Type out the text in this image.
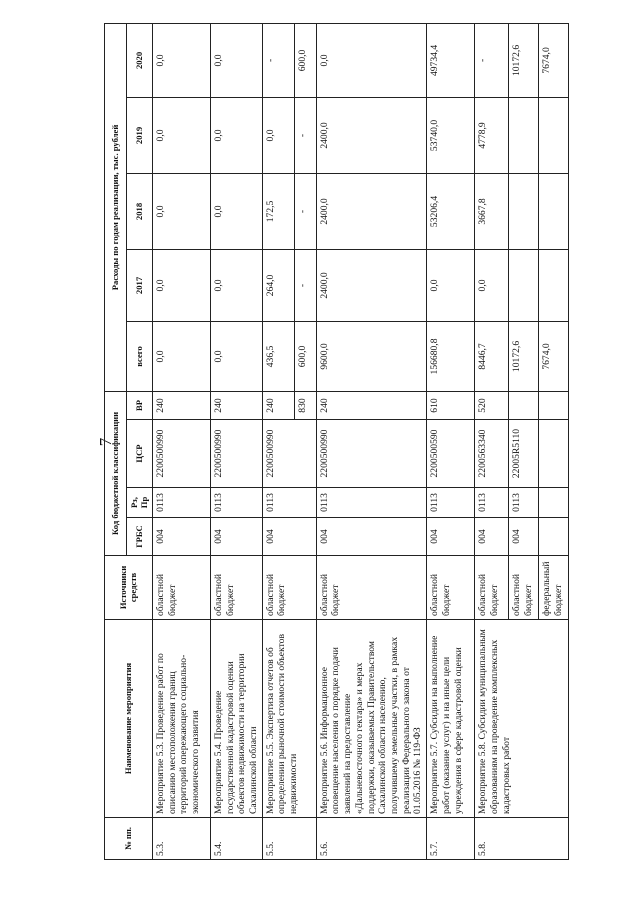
7
№ пп.	Наименование мероприятия	Источники средств	Код бюджетной классификации				Расходы по годам реализации, тыс. рублей				
			ГРБС	Рз, Пр	ЦСР	ВР	всего	2017	2018	2019	2020
5.3.	Мероприятие 5.3. Проведение работ по описанию местоположения границ территорий опережающего социально-экономического развития	областной бюджет	004	0113	2200500990	240	0,0	0,0	0,0	0,0	0,0
5.4.	Мероприятие 5.4. Проведение государственной кадастровой оценки объектов недвижимости на территории Сахалинской области	областной бюджет	004	0113	2200500990	240	0,0	0,0	0,0	0,0	0,0
5.5.	Мероприятие 5.5. Экспертиза отчетов об определении рыночной стоимости объектов недвижимости	областной бюджет	004	0113	2200500990	240	436,5	264,0	172,5	0,0	-
						830	600,0	-	-	-	600,0
5.6.	Мероприятие 5.6. Информационное оповещение населения о порядке подачи заявлений на предоставление «Дальневосточного гектара» и мерах поддержки, оказываемых Правительством Сахалинской области населению, получившему земельные участки, в рамках реализации Федерального закона от 01.05.2016 № 119-ФЗ	областной бюджет	004	0113	2200500990	240	9600,0	2400,0	2400,0	2400,0	0,0
5.7.	Мероприятие 5.7. Субсидии на выполнение работ (оказание услуг) и на иные цели учреждения в сфере кадастровой оценки	областной бюджет	004	0113	2200500590	610	156680,8	0,0	53206,4	53740,0	49734,4
5.8.	Мероприятие 5.8. Субсидии муниципальным образованиям на проведение комплексных кадастровых работ	областной бюджет	004	0113	2200563340	520	8446,7	0,0	3667,8	4778,9	-
		областной бюджет	004	0113	22005R5110		10172,6				10172,6
		федеральный бюджет					7674,0				7674,0
